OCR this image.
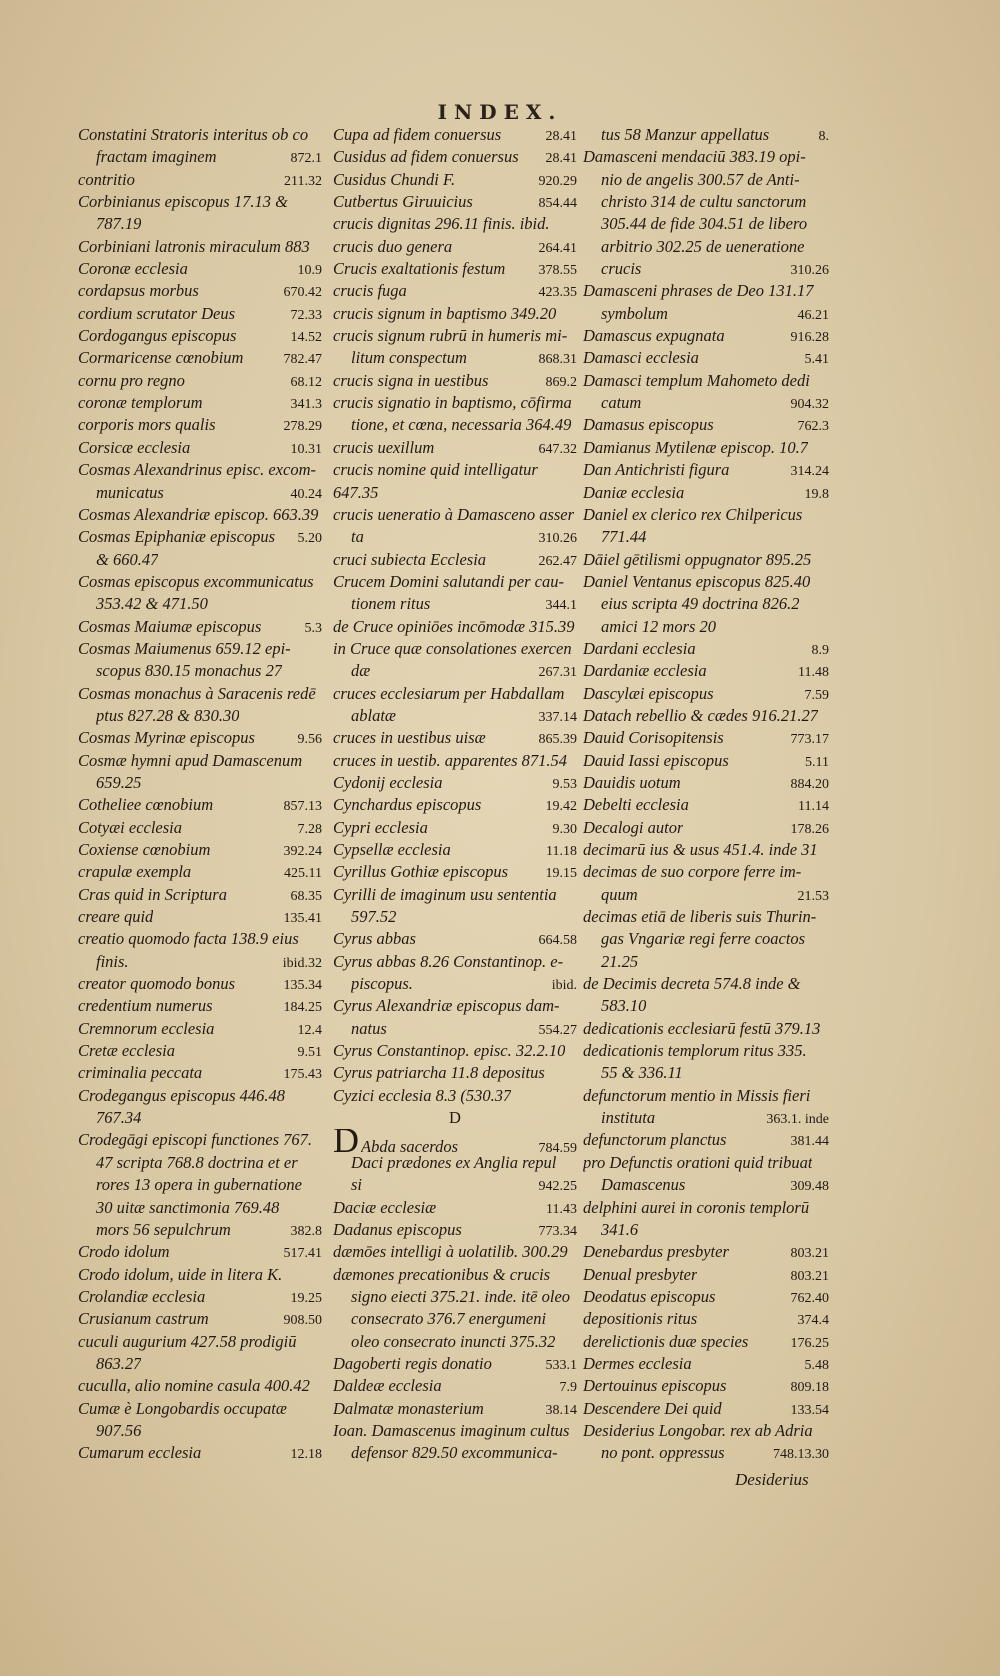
INDEX.
Constatini Stratoris interitus ob co
fractam imaginem	872.1
contritio	211.32
Corbinianus episcopus 17.13 &
787.19
Corbiniani latronis miraculum 883
Coronæ ecclesia	10.9
cordapsus morbus	670.42
cordium scrutator Deus	72.33
Cordogangus episcopus	14.52
Cormaricense cœnobium	782.47
cornu pro regno	68.12
coronæ templorum	341.3
corporis mors qualis	278.29
Corsicæ ecclesia	10.31
Cosmas Alexandrinus episc. excom-
municatus	40.24
Cosmas Alexandriæ episcop. 663.39
Cosmas Epiphaniæ episcopus	5.20
& 660.47
Cosmas episcopus excommunicatus
353.42 & 471.50
Cosmas Maiumæ episcopus	5.3
Cosmas Maiumenus 659.12 epi-
scopus 830.15 monachus 27
Cosmas monachus à Saracenis redē
ptus 827.28 & 830.30
Cosmas Myrinæ episcopus	9.56
Cosmæ hymni apud Damascenum
659.25
Cotheliee cœnobium	857.13
Cotyæi ecclesia	7.28
Coxiense cœnobium	392.24
crapulæ exempla	425.11
Cras quid in Scriptura	68.35
creare quid	135.41
creatio quomodo facta 138.9 eius
finis.	ibid.32
creator quomodo bonus	135.34
credentium numerus	184.25
Cremnorum ecclesia	12.4
Cretæ ecclesia	9.51
criminalia peccata	175.43
Crodegangus episcopus 446.48
767.34
Crodegāgi episcopi functiones 767.
47 scripta 768.8 doctrina et er
rores 13 opera in gubernatione
30 uitæ sanctimonia 769.48
mors 56 sepulchrum	382.8
Crodo idolum	517.41
Crodo idolum, uide in litera K.
Crolandiæ ecclesia	19.25
Crusianum castrum	908.50
cuculi augurium 427.58 prodigiū
863.27
cuculla, alio nomine casula 400.42
Cumæ è Longobardis occupatæ
907.56
Cumarum ecclesia	12.18
Cupa ad fidem conuersus	28.41
Cusidus ad fidem conuersus	28.41
Cusidus Chundi F.	920.29
Cutbertus Giruuicius	854.44
crucis dignitas 296.11 finis. ibid.
crucis duo genera	264.41
Crucis exaltationis festum	378.55
crucis fuga	423.35
crucis signum in baptismo 349.20
crucis signum rubrū in humeris mi-
litum conspectum	868.31
crucis signa in uestibus	869.2
crucis signatio in baptismo, cōfirma
tione, et cœna, necessaria 364.49
crucis uexillum	647.32
crucis nomine quid intelligatur
647.35
crucis ueneratio à Damasceno asser
ta	310.26
cruci subiecta Ecclesia	262.47
Crucem Domini salutandi per cau-
tionem ritus	344.1
de Cruce opiniōes incōmodæ 315.39
in Cruce quæ consolationes exercen
dæ	267.31
cruces ecclesiarum per Habdallam
ablatæ	337.14
cruces in uestibus uisæ	865.39
cruces in uestib. apparentes 871.54
Cydonij ecclesia	9.53
Cynchardus episcopus	19.42
Cypri ecclesia	9.30
Cypsellæ ecclesia	11.18
Cyrillus Gothiæ episcopus	19.15
Cyrilli de imaginum usu sententia
597.52
Cyrus abbas	664.58
Cyrus abbas 8.26 Constantinop. e-
piscopus.	ibid.
Cyrus Alexandriæ episcopus dam-
natus	554.27
Cyrus Constantinop. episc. 32.2.10
Cyrus patriarcha 11.8 depositus
Cyzici ecclesia 8.3 (530.37
D
D Abda sacerdos	784.59
Daci prædones ex Anglia repul
si	942.25
Daciæ ecclesiæ	11.43
Dadanus episcopus	773.34
dæmōes intelligi à uolatilib. 300.29
dæmones precationibus & crucis
signo eiecti 375.21. inde. itē oleo
consecrato 376.7 energumeni
oleo consecrato inuncti 375.32
Dagoberti regis donatio	533.1
Daldeæ ecclesia	7.9
Dalmatæ monasterium	38.14
Ioan. Damascenus imaginum cultus
defensor 829.50 excommunica-
tus 58 Manzur appellatus	8.
Damasceni mendaciū 383.19 opi-
nio de angelis 300.57 de Anti-
christo 314 de cultu sanctorum
305.44 de fide 304.51 de libero
arbitrio 302.25 de ueneratione
crucis	310.26
Damasceni phrases de Deo 131.17
symbolum	46.21
Damascus expugnata	916.28
Damasci ecclesia	5.41
Damasci templum Mahometo dedi
catum	904.32
Damasus episcopus	762.3
Damianus Mytilenæ episcop. 10.7
Dan Antichristi figura	314.24
Daniæ ecclesia	19.8
Daniel ex clerico rex Chilpericus
771.44
Dāiel gētilismi oppugnator 895.25
Daniel Ventanus episcopus 825.40
eius scripta 49 doctrina 826.2
amici 12 mors 20
Dardani ecclesia	8.9
Dardaniæ ecclesia	11.48
Dascylæi episcopus	7.59
Datach rebellio & cædes 916.21.27
Dauid Corisopitensis	773.17
Dauid Iassi episcopus	5.11
Dauidis uotum	884.20
Debelti ecclesia	11.14
Decalogi autor	178.26
decimarū ius & usus 451.4. inde 31
decimas de suo corpore ferre im-
quum	21.53
decimas etiā de liberis suis Thurin-
gas Vngariæ regi ferre coactos
21.25
de Decimis decreta 574.8 inde &
583.10
dedicationis ecclesiarū festū 379.13
dedicationis templorum ritus 335.
55 & 336.11
defunctorum mentio in Missis fieri
instituta	363.1. inde
defunctorum planctus	381.44
pro Defunctis orationi quid tribuat
Damascenus	309.48
delphini aurei in coronis templorū
341.6
Denebardus presbyter	803.21
Denual presbyter	803.21
Deodatus episcopus	762.40
depositionis ritus	374.4
derelictionis duæ species	176.25
Dermes ecclesia	5.48
Dertouinus episcopus	809.18
Descendere Dei quid	133.54
Desiderius Longobar. rex ab Adria
no pont. oppressus	748.13.30
Desiderius
